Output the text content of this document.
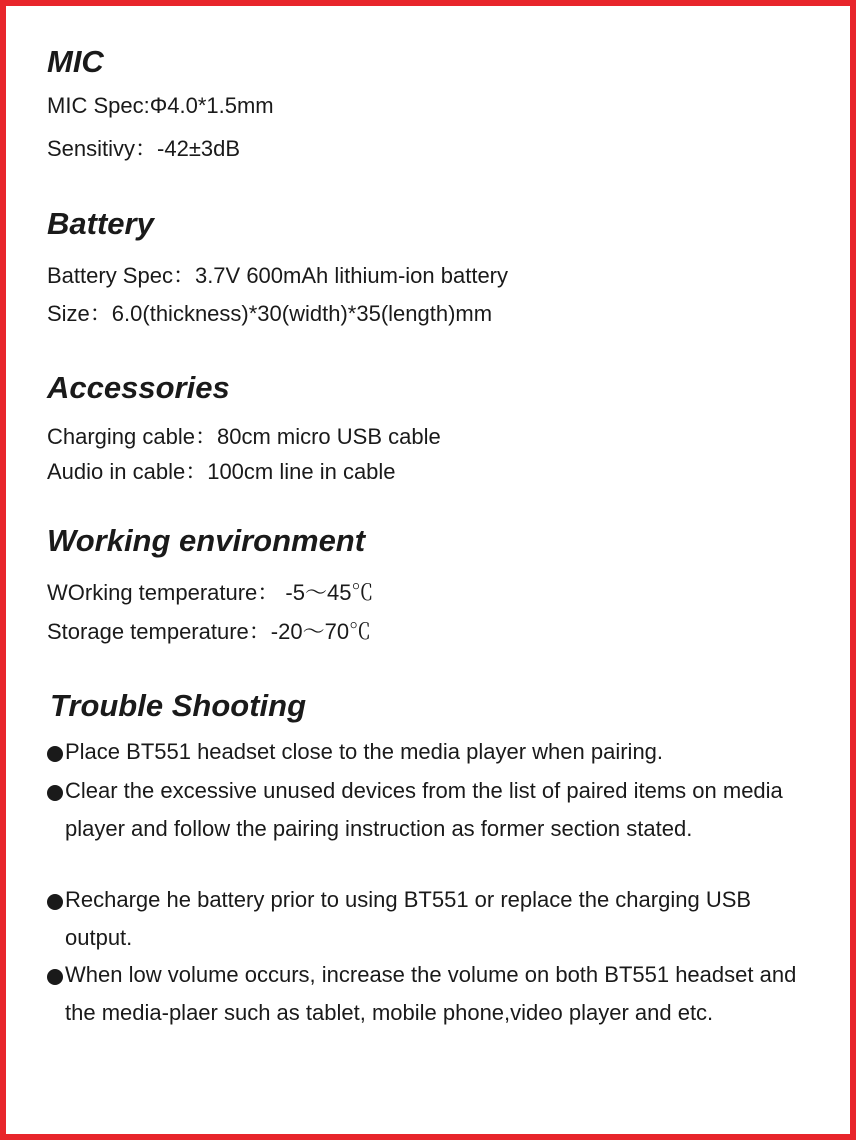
MIC

MIC Spec:Φ4.0*1.5mm

Sensitivy：-42±3dB

Battery

Battery Spec：3.7V 600mAh lithium-ion battery

Size：6.0(thickness)*30(width)*35(length)mm

Accessories

Charging cable：80cm micro USB cable

Audio in cable：100cm line in cable

Working environment

WOrking temperature： -5～45℃

Storage temperature：-20～70℃

Trouble Shooting
Place BT551 headset close to the media player when pairing.
Clear the excessive unused devices from the list of paired items on media player and follow the pairing instruction as former section stated.
Recharge he battery prior to using BT551 or replace the charging USB output.
When low volume occurs, increase the volume on both BT551 headset and the media-plaer such as tablet, mobile phone,video player and etc.
